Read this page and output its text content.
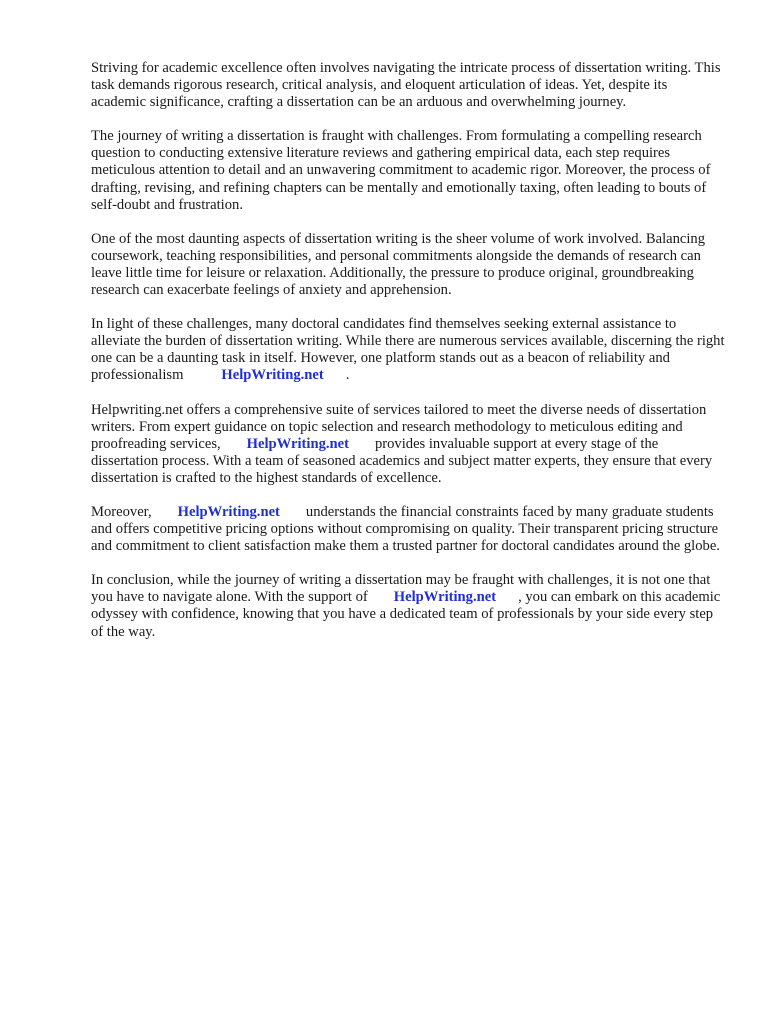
Striving for academic excellence often involves navigating the intricate process of dissertation writing. This task demands rigorous research, critical analysis, and eloquent articulation of ideas. Yet, despite its academic significance, crafting a dissertation can be an arduous and overwhelming journey.

The journey of writing a dissertation is fraught with challenges. From formulating a compelling research question to conducting extensive literature reviews and gathering empirical data, each step requires meticulous attention to detail and an unwavering commitment to academic rigor. Moreover, the process of drafting, revising, and refining chapters can be mentally and emotionally taxing, often leading to bouts of self-doubt and frustration.

One of the most daunting aspects of dissertation writing is the sheer volume of work involved. Balancing coursework, teaching responsibilities, and personal commitments alongside the demands of research can leave little time for leisure or relaxation. Additionally, the pressure to produce original, groundbreaking research can exacerbate feelings of anxiety and apprehension.

In light of these challenges, many doctoral candidates find themselves seeking external assistance to alleviate the burden of dissertation writing. While there are numerous services available, discerning the right one can be a daunting task in itself. However, one platform stands out as a beacon of reliability and professionalism	HelpWriting.net .

Helpwriting.net offers a comprehensive suite of services tailored to meet the diverse needs of dissertation writers. From expert guidance on topic selection and research methodology to meticulous editing and proofreading services, HelpWriting.net provides invaluable support at every stage of the dissertation process. With a team of seasoned academics and subject matter experts, they ensure that every dissertation is crafted to the highest standards of excellence.

Moreover, HelpWriting.net understands the financial constraints faced by many graduate students and offers competitive pricing options without compromising on quality. Their transparent pricing structure and commitment to client satisfaction make them a trusted partner for doctoral candidates around the globe.

In conclusion, while the journey of writing a dissertation may be fraught with challenges, it is not one that you have to navigate alone. With the support of HelpWriting.net , you can embark on this academic odyssey with confidence, knowing that you have a dedicated team of professionals by your side every step of the way.
